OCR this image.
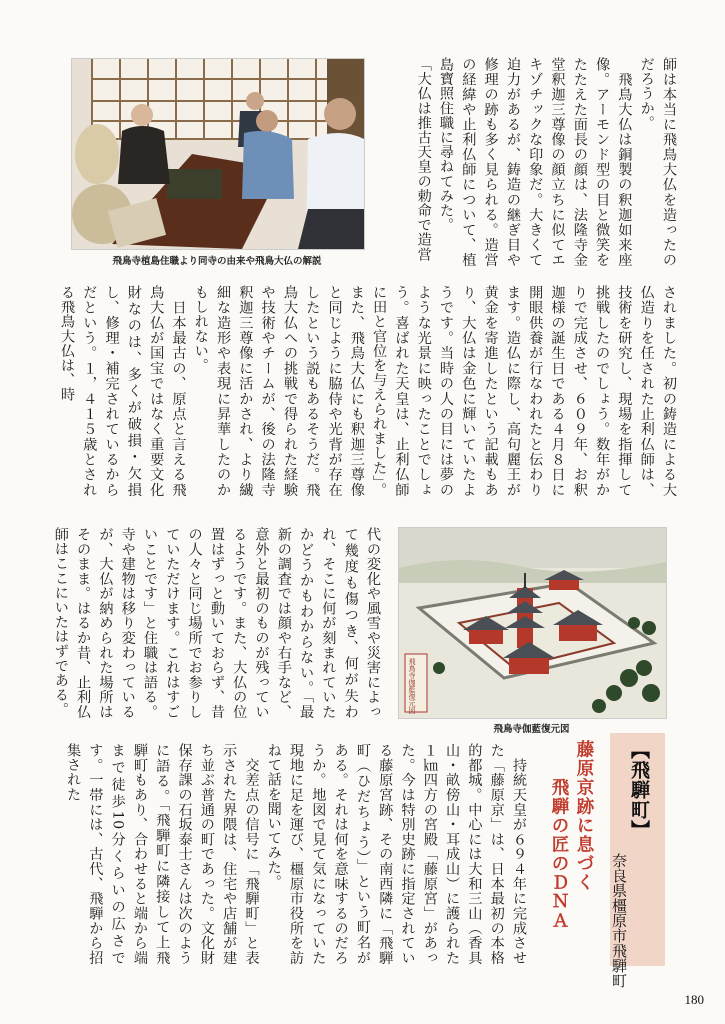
飛鳥寺植島住職より同寺の由来や飛鳥大仏の解説	師は本当に飛鳥大仏を造ったのだろうか。
　飛鳥大仏は銅製の釈迦如来座像。アーモンド型の目と微笑をたたえた面長の顔は、法隆寺金堂釈迦三尊像の顔立ちに似てエキゾチックな印象だ。大きくて迫力があるが、鋳造の継ぎ目や修理の跡も多く見られる。造営の経緯や止利仏師について、植島寶照住職に尋ねてみた。
「大仏は推古天皇の勅命で造営
されました。初の鋳造による大仏造りを任された止利仏師は、技術を研究し、現場を指揮して挑戦したのでしょう。数年がかりで完成させ、６０９年、お釈迦様の誕生日である４月８日に開眼供養が行なわれたと伝わります。造仏に際し、高句麗王が黄金を寄進したという記載もあり、大仏は金色に輝いていたようです。当時の人の目には夢のような光景に映ったことでしょう。喜ばれた天皇は、止利仏師に田と官位を与えられました」。また、飛鳥大仏にも釈迦三尊像と同じように脇侍や光背が存在したという説もあるそうだ。飛鳥大仏への挑戦で得られた経験や技術やチームが、後の法隆寺釈迦三尊像に活かされ、より繊細な造形や表現に昇華したのかもしれない。
　日本最古の、原点と言える飛鳥大仏が国宝ではなく重要文化財なのは、多くが破損・欠損し、修理・補完されているからだという。１，４１５歳とされる飛鳥大仏は、時
飛鳥寺伽藍復元図
飛鳥寺伽藍復元図
代の変化や風雪や災害によって幾度も傷つき、何が失われ、そこに何が刻まれていたかどうかもわからない。「最新の調査では顔や右手など、意外と最初のものが残っているようです。また、大仏の位置はずっと動いておらず、昔の人々と同じ場所でお参りしていただけます。これはすごいことです」と住職は語る。寺や建物は移り変わっているが、大仏が納められた場所はそのまま。はるか昔、止利仏師はここにいたはずである。
【飛騨町】
奈良県橿原市飛騨町
藤原京跡に息づく
飛騨の匠のＤＮＡ
　持統天皇が６９４年に完成させた「藤原京」は、日本最初の本格的都城。中心には大和三山（香具山・畝傍山・耳成山）に護られた１㎞四方の宮殿「藤原宮」があった。今は特別史跡に指定されている藤原宮跡、その南西隣に「飛騨町（ひだちょう）」という町名がある。それは何を意味するのだろうか。地図で見て気になっていた現地に足を運び、橿原市役所を訪ねて話を聞いてみた。
　交差点の信号に「飛騨町」と表示された界隈は、住宅や店舗が建ち並ぶ普通の町であった。文化財保存課の石坂泰士さんは次のように語る。「飛騨町に隣接して上飛騨町もあり、合わせると端から端まで徒歩10分くらいの広さです。一帯には、古代、飛騨から招集された
180
